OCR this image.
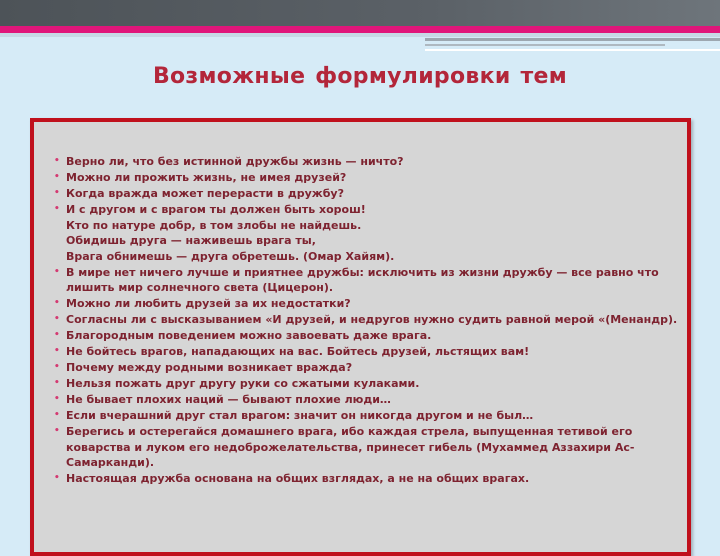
Возможные формулировки тем
• Верно ли, что без истинной дружбы жизнь — ничто?
• Можно ли прожить жизнь, не имея друзей?
• Когда вражда может перерасти в дружбу?
• И с другом и с врагом ты должен быть хорош!
Кто по натуре добр, в том злобы не найдешь.
Обидишь друга — наживешь врага ты,
Врага обнимешь — друга обретешь. (Омар Хайям).
• В мире нет ничего лучше и приятнее дружбы: исключить из жизни дружбу — все равно что лишить мир солнечного света (Цицерон).
• Можно ли любить друзей за их недостатки?
• Согласны ли с высказыванием «И друзей, и недругов нужно судить равной мерой «(Менандр).
• Благородным поведением можно завоевать даже врага.
• Не бойтесь врагов, нападающих на вас. Бойтесь друзей, льстящих вам!
• Почему между родными возникает вражда?
• Нельзя пожать друг другу руки со сжатыми кулаками.
• Не бывает плохих наций — бывают плохие люди…
• Если вчерашний друг стал врагом: значит он никогда другом и не был…
• Берегись и остерегайся домашнего врага, ибо каждая стрела, выпущенная тетивой его коварства и луком его недоброжелательства, принесет гибель (Мухаммед Аззахири Ас-Самарканди).
• Настоящая дружба основана на общих взглядах, а не на общих врагах.
